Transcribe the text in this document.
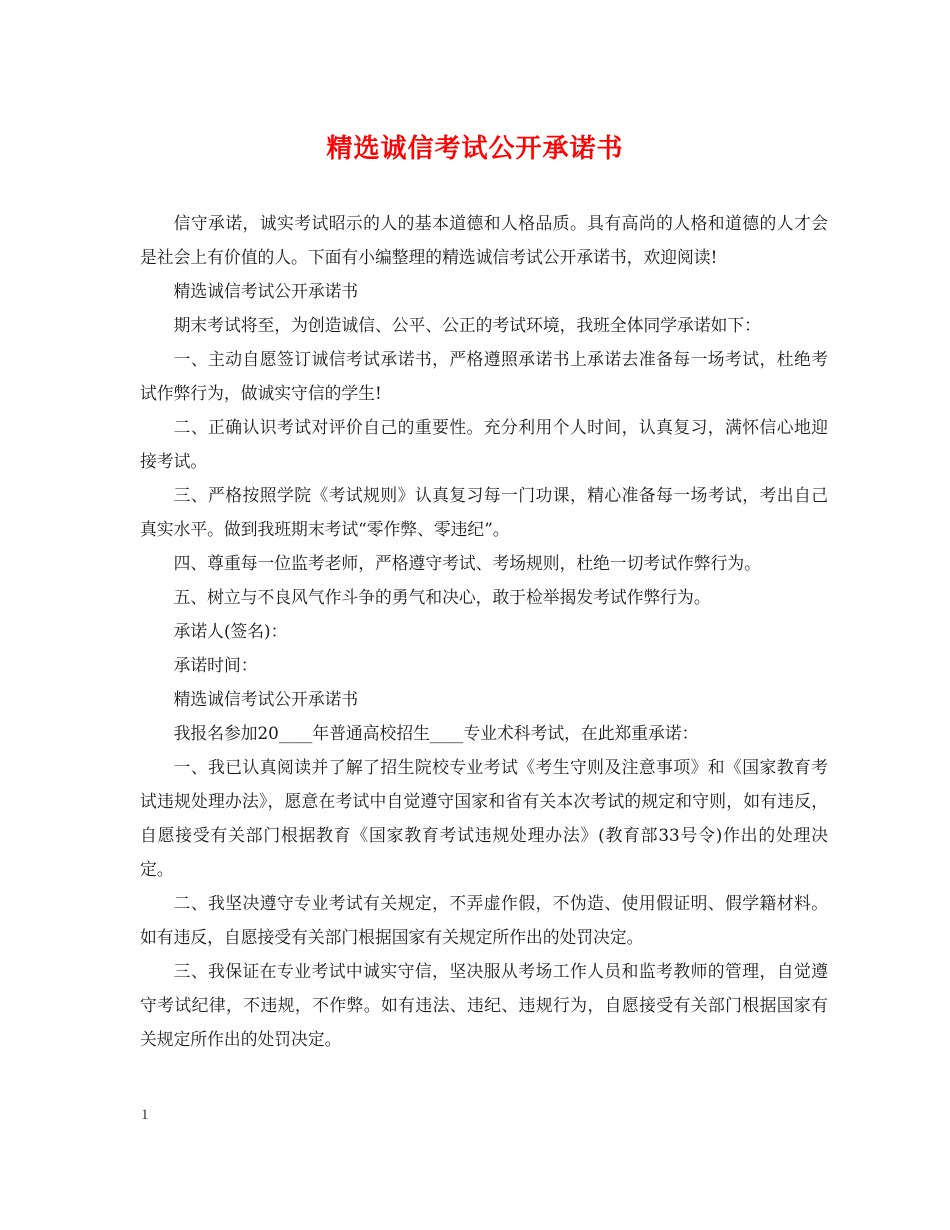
精选诚信考试公开承诺书

信守承诺，诚实考试昭示的人的基本道德和人格品质。具有高尚的人格和道德的人才会是社会上有价值的人。下面有小编整理的精选诚信考试公开承诺书，欢迎阅读!

精选诚信考试公开承诺书

期末考试将至，为创造诚信、公平、公正的考试环境，我班全体同学承诺如下：

一、主动自愿签订诚信考试承诺书，严格遵照承诺书上承诺去准备每一场考试，杜绝考试作弊行为，做诚实守信的学生!

二、正确认识考试对评价自己的重要性。充分利用个人时间，认真复习，满怀信心地迎接考试。

三、严格按照学院《考试规则》认真复习每一门功课，精心准备每一场考试，考出自己真实水平。做到我班期末考试“零作弊、零违纪”。

四、尊重每一位监考老师，严格遵守考试、考场规则，杜绝一切考试作弊行为。

五、树立与不良风气作斗争的勇气和决心，敢于检举揭发考试作弊行为。

承诺人(签名)：

承诺时间：

精选诚信考试公开承诺书

我报名参加20____年普通高校招生____专业术科考试，在此郑重承诺：

一、我已认真阅读并了解了招生院校专业考试《考生守则及注意事项》和《国家教育考试违规处理办法》，愿意在考试中自觉遵守国家和省有关本次考试的规定和守则，如有违反，自愿接受有关部门根据教育《国家教育考试违规处理办法》(教育部33号令)作出的处理决定。

二、我坚决遵守专业考试有关规定，不弄虚作假，不伪造、使用假证明、假学籍材料。如有违反，自愿接受有关部门根据国家有关规定所作出的处罚决定。

三、我保证在专业考试中诚实守信，坚决服从考场工作人员和监考教师的管理，自觉遵守考试纪律，不违规，不作弊。如有违法、违纪、违规行为，自愿接受有关部门根据国家有关规定所作出的处罚决定。

1
